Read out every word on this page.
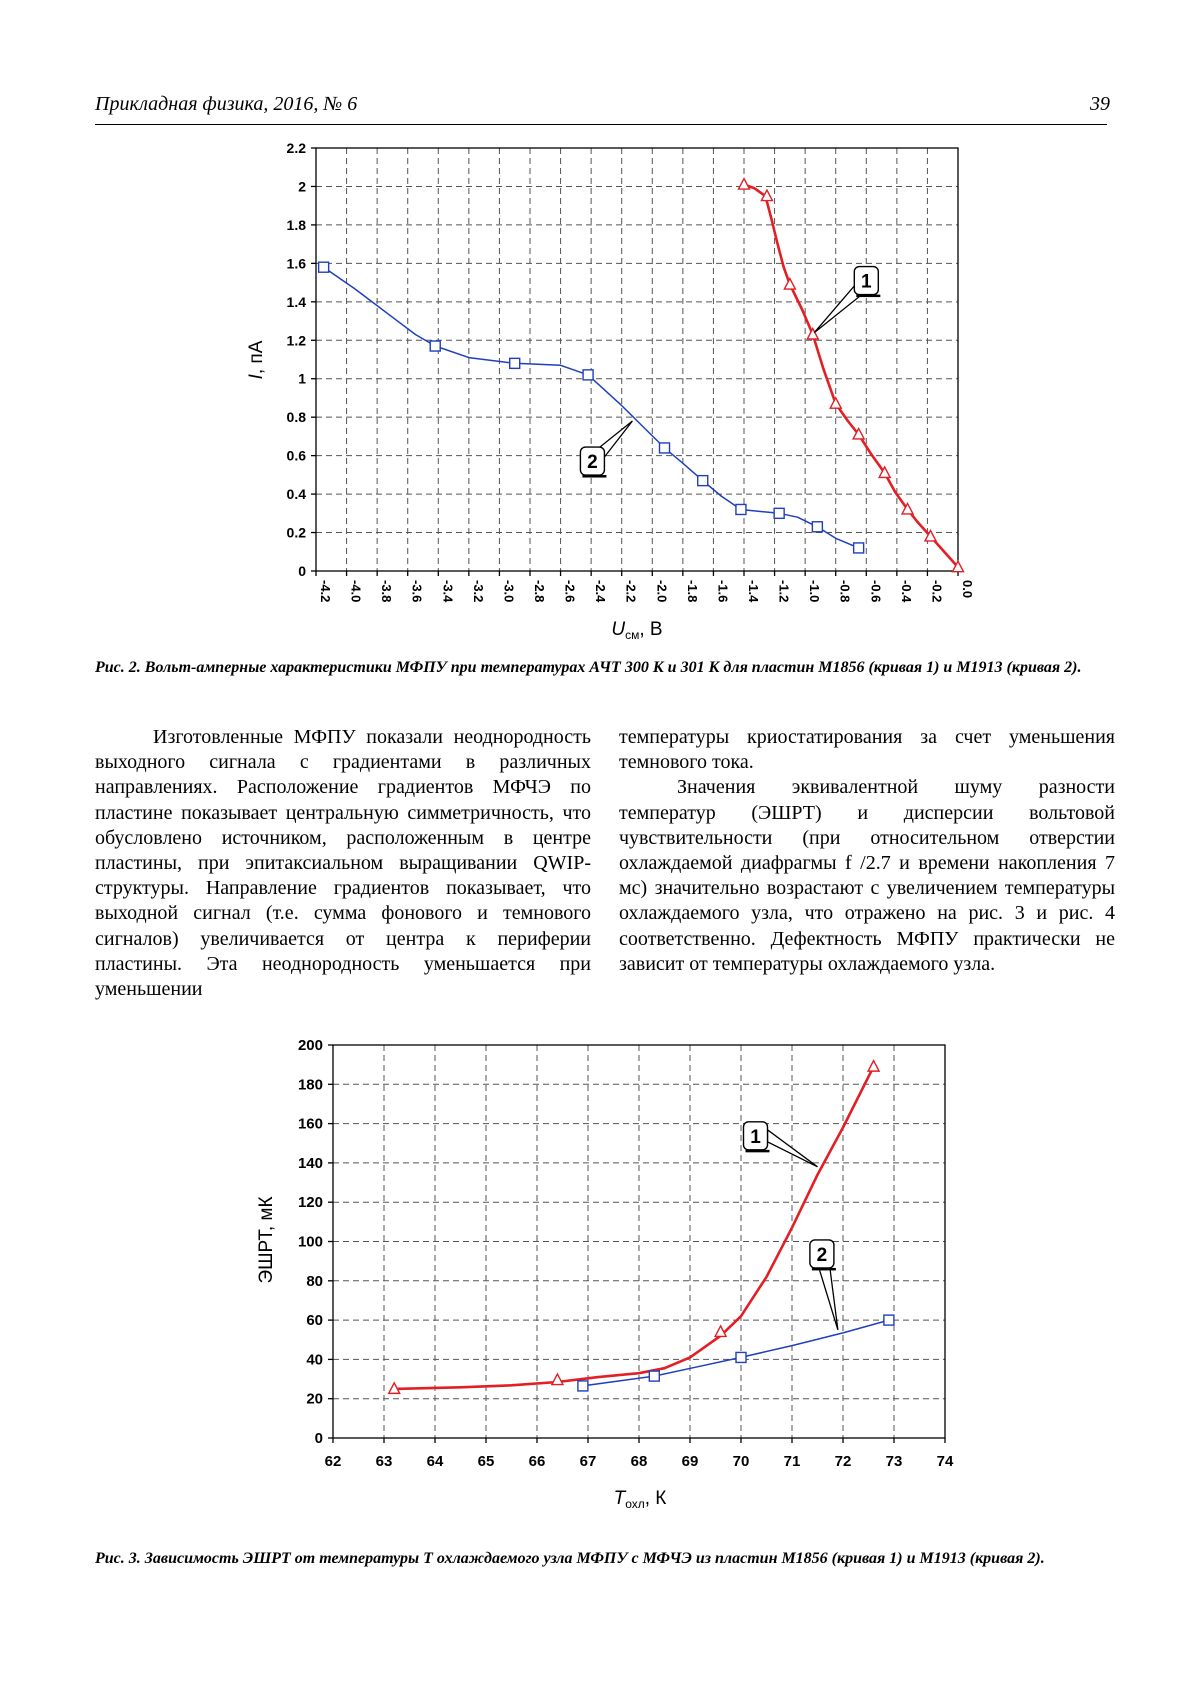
Прикладная физика, 2016, № 6	39
0
0.2
0.4
0.6
0.8
1
1.2
1.4
1.6
1.8
2
2.2
-4.2 -4.0 -3.8 -3.6 -3.4 -3.2 -3.0 -2.8 -2.6 -2.4 -2.2 -2.0 -1.8 -1.6 -1.4 -1.2 -1.0 -0.8 -0.6 -0.4 -0.2 0.0
1
2
I, пА
$U_{см}$, В
Рис. 2. Вольт-амперные характеристики МФПУ при температурах АЧТ 300 К и 301 К для пластин М1856 (кривая 1) и М1913 (кривая 2).

Изготовленные МФПУ показали неоднородность выходного сигнала с градиентами в различных направлениях. Расположение градиентов МФЧЭ по пластине показывает центральную симметричность, что обусловлено источником, расположенным в центре пластины, при эпитаксиальном выращивании QWIP-структуры. Направление градиентов показывает, что выходной сигнал (т.е. сумма фонового и темнового сигналов) увеличивается от центра к периферии пластины. Эта неоднородность уменьшается при уменьшении

температуры криостатирования за счет уменьшения темнового тока.

Значения эквивалентной шуму разности температур (ЭШРТ) и дисперсии вольтовой чувствительности (при относительном отверстии охлаждаемой диафрагмы f /2.7 и времени накопления 7 мс) значительно возрастают с увеличением температуры охлаждаемого узла, что отражено на рис. 3 и рис. 4 соответственно. Дефектность МФПУ практически не зависит от температуры охлаждаемого узла.

0
20
40
60
80
100
120
140
160
180
200
62 63 64 65 66 67 68 69 70 71 72 73 74
1
2
ЭШРТ, мК
$T_{охл}$, К
Рис. 3. Зависимость ЭШРТ от температуры T охлаждаемого узла МФПУ с МФЧЭ из пластин М1856 (кривая 1) и М1913 (кривая 2).
